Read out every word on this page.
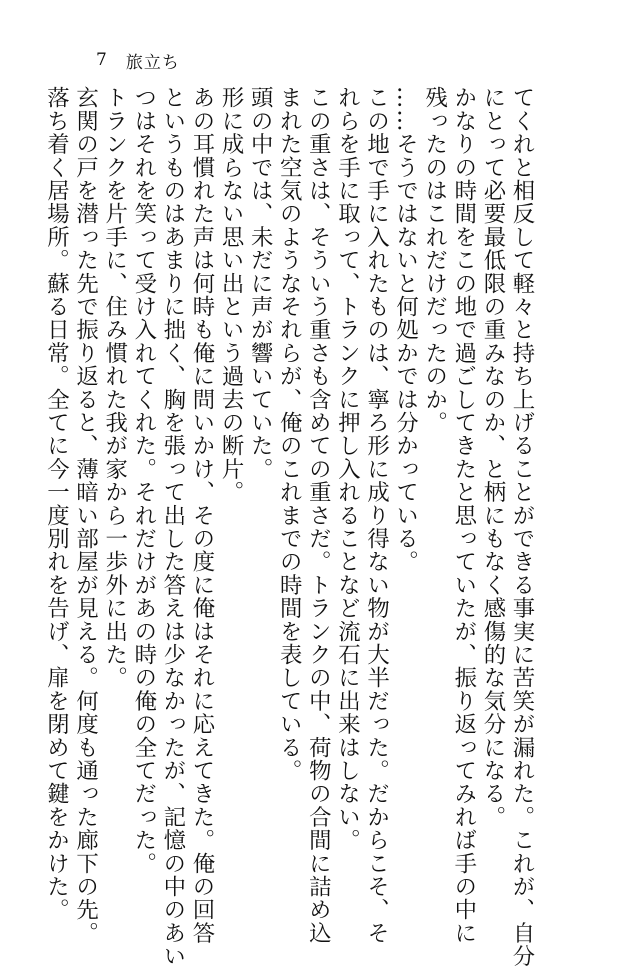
7 旅立ち

てくれと相反して軽々と持ち上げることができる事実に苦笑が漏れた。これが、自分

にとって必要最低限の重みなのか、と柄にもなく感傷的な気分になる。

かなりの時間をこの地で過ごしてきたと思っていたが、振り返ってみれば手の中に

残ったのはこれだけだったのか。

……そうではないと何処かでは分かっている。

この地で手に入れたものは、寧ろ形に成り得ない物が大半だった。だからこそ、そ

れらを手に取って、トランクに押し入れることなど流石に出来はしない。

この重さは、そういう重さも含めての重さだ。トランクの中、荷物の合間に詰め込

まれた空気のようなそれらが、俺のこれまでの時間を表している。

頭の中では、未だに声が響いていた。

形に成らない思い出という過去の断片。

あの耳慣れた声は何時も俺に問いかけ、その度に俺はそれに応えてきた。俺の回答

というものはあまりに拙く、胸を張って出した答えは少なかったが、記憶の中のあい

つはそれを笑って受け入れてくれた。それだけがあの時の俺の全てだった。

トランクを片手に、住み慣れた我が家から一歩外に出た。

玄関の戸を潜った先で振り返ると、薄暗い部屋が見える。何度も通った廊下の先。

落ち着く居場所。蘇る日常。全てに今一度別れを告げ、扉を閉めて鍵をかけた。
